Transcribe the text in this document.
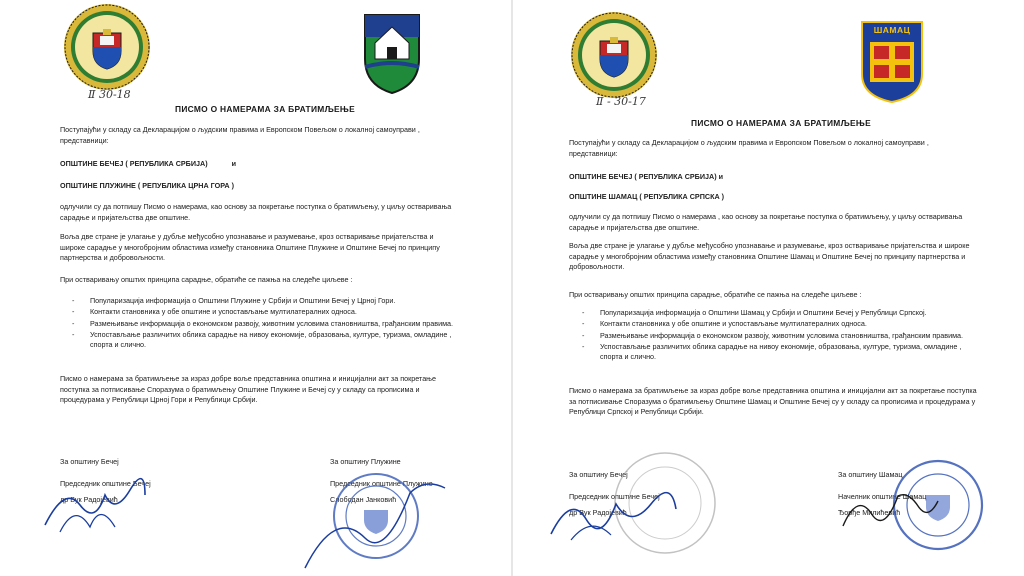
Ⅱ 30-18
ПИСМО О НАМЕРАМА ЗА БРАТИМЉЕЊЕ
Поступајући у складу са Декларацијом о људским правима и Европском Повељом о локалној самоуправи , представници:
ОПШТИНЕ БЕЧЕЈ ( РЕПУБЛИКА СРБИЈА)	и
ОПШТИНЕ ПЛУЖИНЕ ( РЕПУБЛИКА ЦРНА ГОРА )
одлучили су да потпишу Писмо о намерама, као основу за покретање поступка о братимљењу, у циљу остваривања сарадње и пријатељства две општине.
Воља две стране је улагање у дубље међусобно упознавање и разумевање, кроз остваривање пријатељства и широке сарадње у многобројним областима између становника Општине Плужине и Општине Бечеј по принципу партнерства и добровољности.
При остваривању општих принципа сарадње, обратиће се пажња на следеће циљеве :
- Популаризација информација о Општини Плужине у Србији и Општини Бечеј у Црној Гори.
- Контакти становника у обе општине и успостављање мултилатералних односа.
- Размењивање информација о економском развоју, животним условима становништва, грађанским правима.
- Успостављање различитих облика сарадње на нивоу економије, образовања, културе, туризма, омладине , спорта и слично.
Писмо о намерама за братимљење за израз добре воље представника општина и иницијални акт за покретање поступка за потписивање Споразума о братимљењу Општине Плужине и Бечеј су у складу са прописима и процедурама у Републици Црној Гори и Републици Србији.
За општину Бечеј
Председник општине Бечеј
др Вук Радојевић
За општину Плужине
Председник општине Плужине
Слободан Јанковић
ШАМАЦ
Ⅱ - 30-17
ПИСМО О НАМЕРАМА ЗА БРАТИМЉЕЊЕ
Поступајући у складу са Декларацијом о људским правима и Европском Повељом о локалној самоуправи , представници:
ОПШТИНЕ БЕЧЕЈ ( РЕПУБЛИКА СРБИЈА) и
ОПШТИНЕ ШАМАЦ ( РЕПУБЛИКА СРПСКА )
одлучили су да потпишу Писмо о намерама , као основу за покретање поступка о братимљењу, у циљу остваривања сарадње и пријатељства две општине.
Воља две стране је улагање у дубље међусобно упознавање и разумевање, кроз остваривање пријатељства и широке сарадње у многобројним областима између становника Општине Шамац и Општине Бечеј по принципу партнерства и добровољности.
При остваривању општих принципа сарадње, обратиће се пажња на следеће циљеве :
- Популаризација информација о Општини Шамац у Србији и Општини Бечеј у Републици Српској.
- Контакти становника у обе општине и успостављање мултилатералних односа.
- Размењивање информација о економском развоју, животним условима становништва, грађанским правима.
- Успостављање различитих облика сарадње на нивоу економије, образовања, културе, туризма, омладине , спорта и слично.
Писмо о намерама за братимљење за израз добре воље представника општина и иницијални акт за покретање поступка за потписивање Споразума о братимљењу Општине Шамац и Општине Бечеј су у складу са прописима и процедурама у Републици Српској и Републици Србији.
За општину Бечеј
Председник општине Бечеј
др Вук Радојевић
За општину Шамац
Начелник општине Шамац
Ђорђе Милићевић
